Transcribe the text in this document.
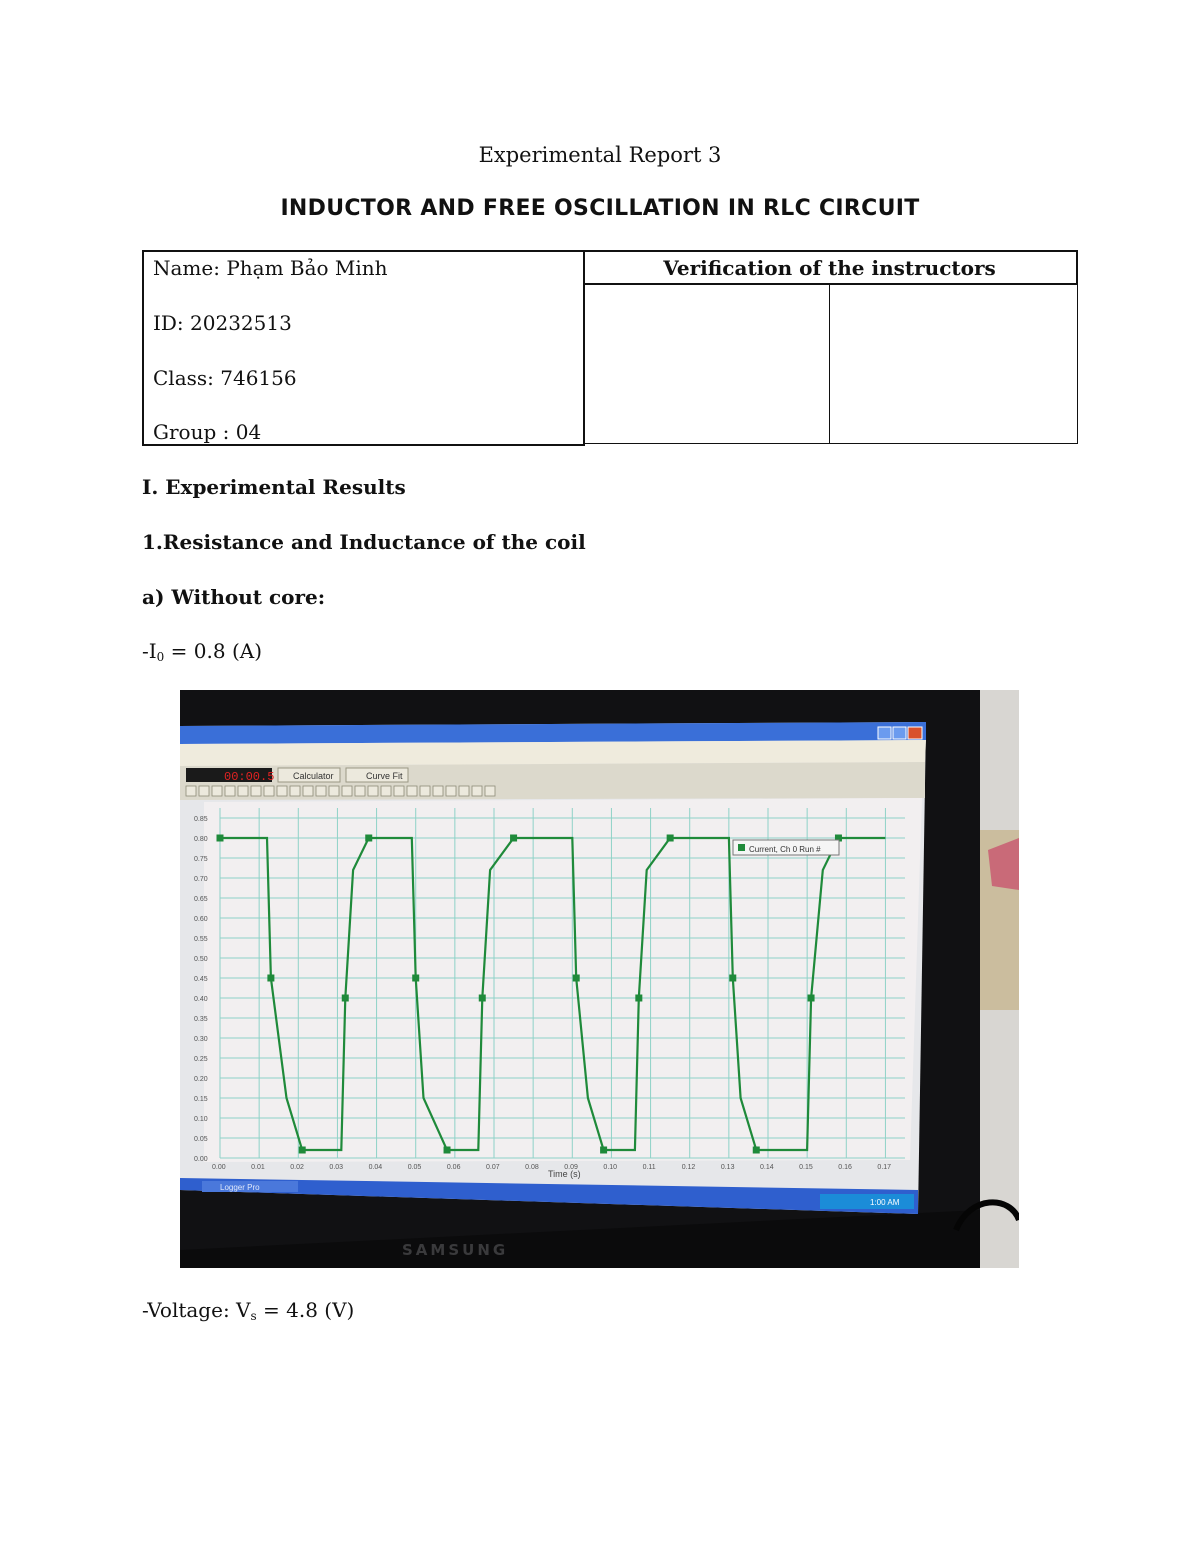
Experimental Report 3
INDUCTOR AND FREE OSCILLATION IN RLC CIRCUIT
Name: Phạm Bảo Minh
ID: 20232513
Class: 746156
Group : 04
Verification of the instructors
I. Experimental Results
1.Resistance and Inductance of the coil
a) Without core:
$-I_0 = 0.8$ (A)
00:00.5 Calculator	Curve Fit
0.85
0.80
0.75
0.70
0.65
0.60
0.55
0.50
0.45
0.40
0.35
0.30
0.25
0.20
0.15
0.10
0.05
0.00
0.00	0.01	0.02	0.03	0.04	0.05	0.06	0.07	0.08	0.09	0.10	0.11	0.12	0.13	0.14	0.15	0.16	0.17
Time (s)
Current, Ch 0 Run #
Logger Pro
1:00 AM
SAMSUNG
-Voltage: $V_s = 4.8$ (V)
